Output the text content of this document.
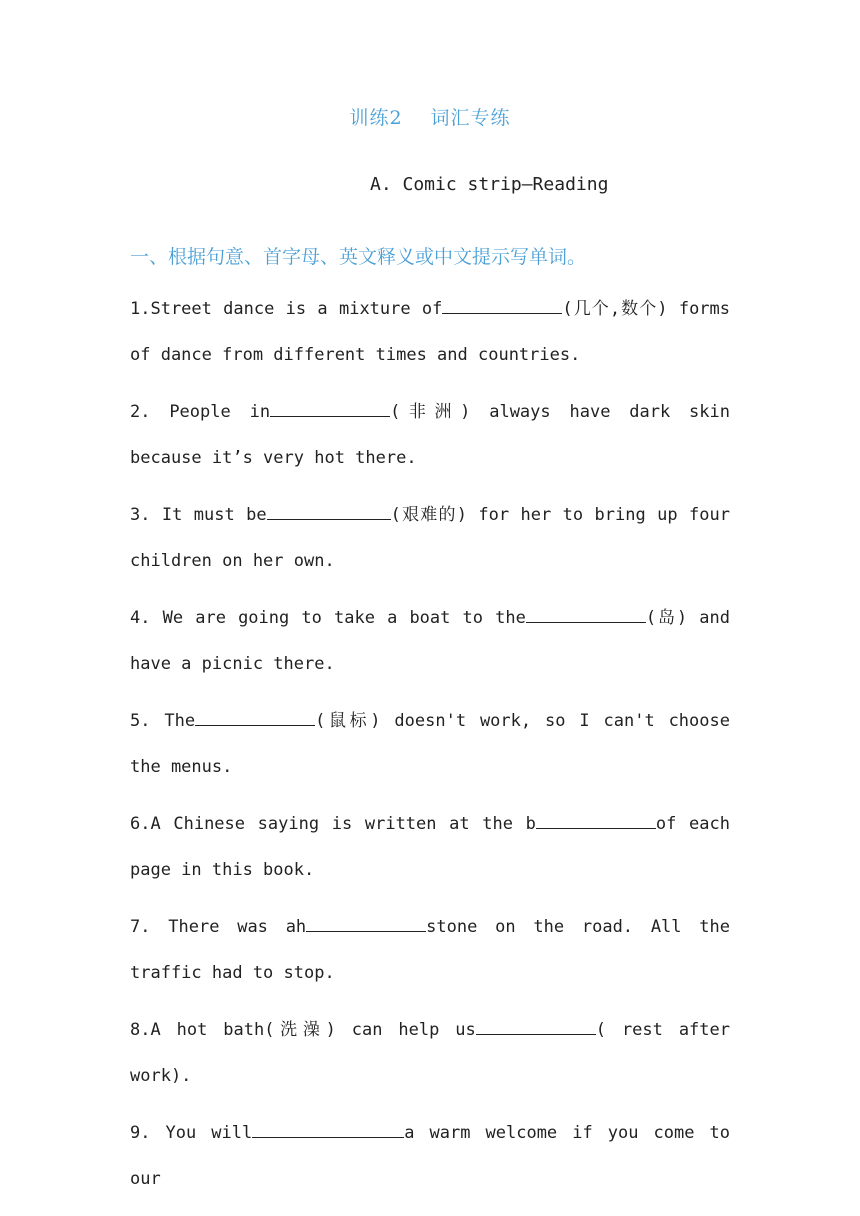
训练2 词汇专练
A. Comic strip—Reading
一、根据句意、首字母、英文释义或中文提示写单词。

1.Street dance is a mixture of	(几个,数个) forms of dance from different times and countries.

2. People in	(非洲) always have dark skin because it’s very hot there.

3. It must be	(艰难的) for her to bring up four children on her own.

4. We are going to take a boat to the	(岛) and have a picnic there.

5. The	(鼠标) doesn't work, so I can't choose the menus.

6.A Chinese saying is written at the b	of each page in this book.

7. There was ah	stone on the road. All the traffic had to stop.

8.A hot bath(洗澡) can help us	( rest after work).

9. You will	a warm welcome if you come to our
